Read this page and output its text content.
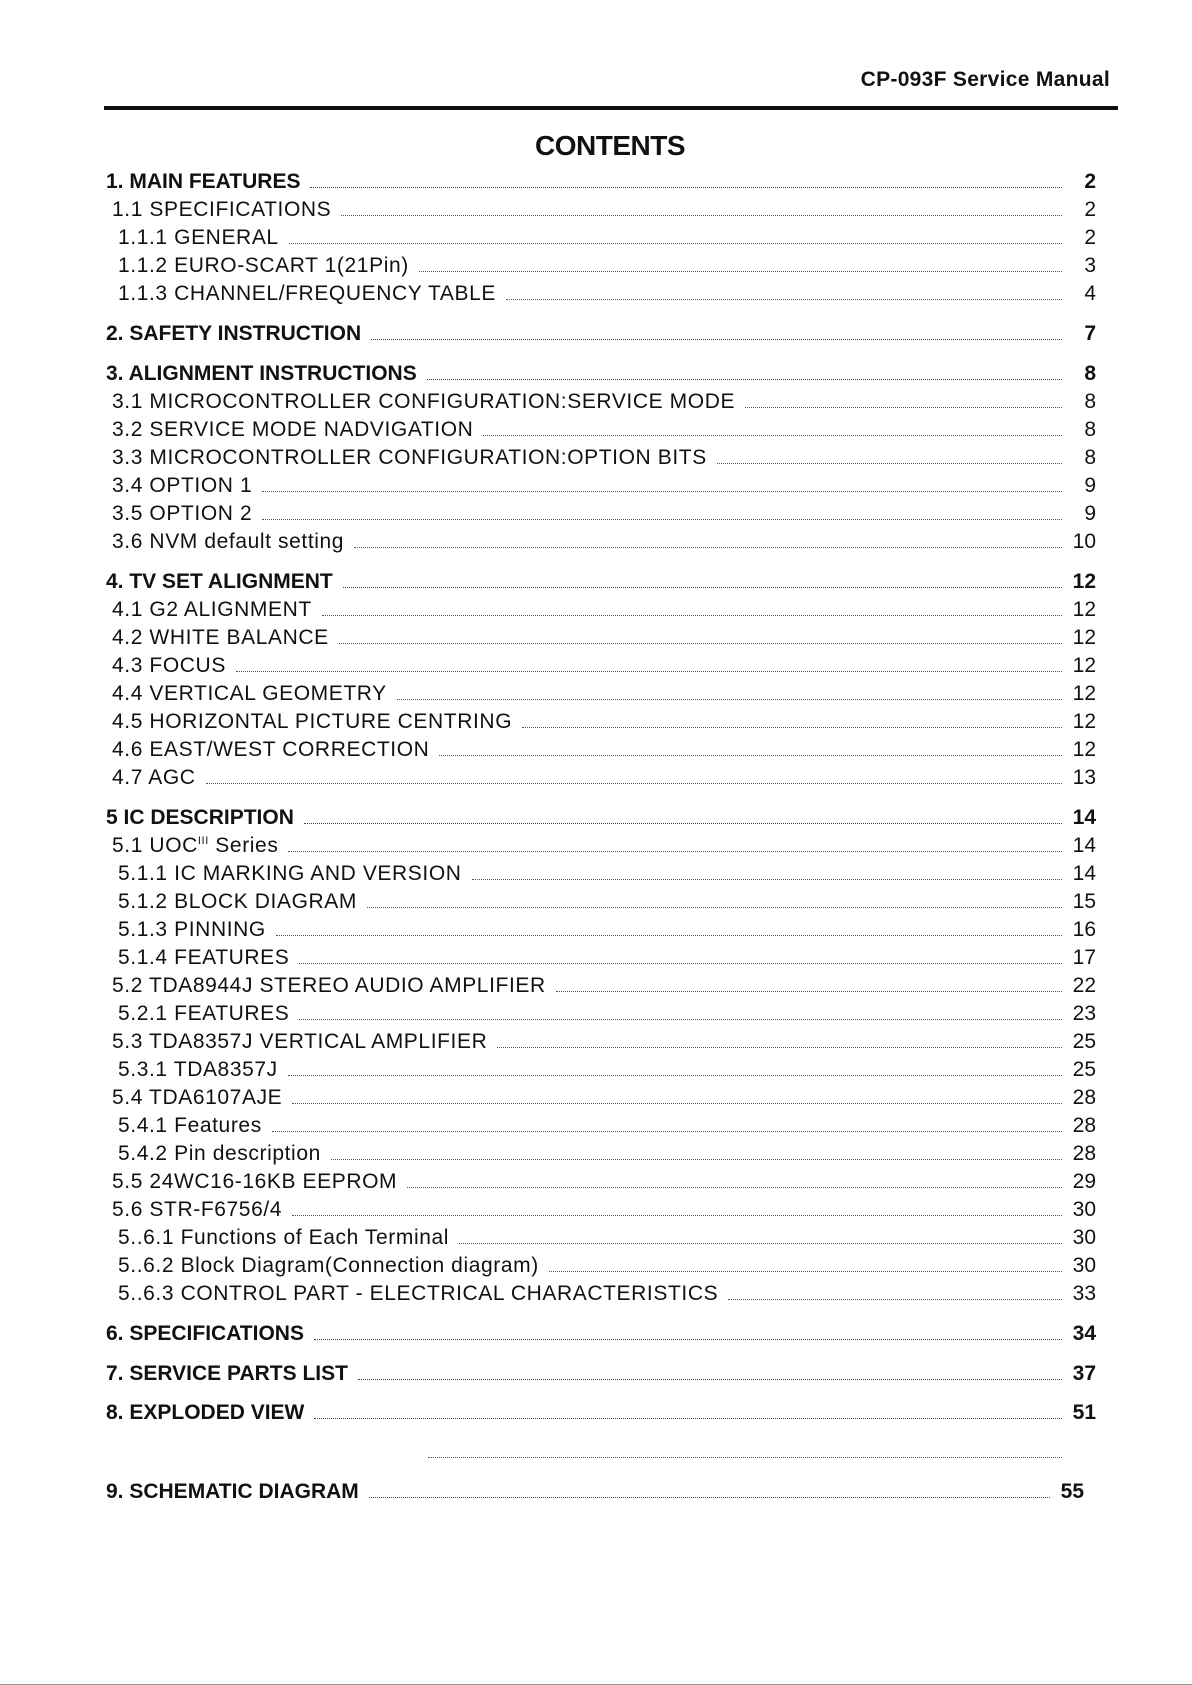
CP-093F Service Manual
CONTENTS
1. MAIN FEATURES	2
1.1 SPECIFICATIONS	2
1.1.1 GENERAL	2
1.1.2 EURO-SCART 1(21Pin)	3
1.1.3 CHANNEL/FREQUENCY TABLE	4
2. SAFETY INSTRUCTION	7
3. ALIGNMENT INSTRUCTIONS	8
3.1 MICROCONTROLLER CONFIGURATION:SERVICE MODE	8
3.2 SERVICE MODE NADVIGATION	8
3.3 MICROCONTROLLER CONFIGURATION:OPTION BITS	8
3.4 OPTION 1	9
3.5 OPTION 2	9
3.6 NVM default setting	10
4. TV SET ALIGNMENT	12
4.1 G2 ALIGNMENT	12
4.2 WHITE BALANCE	12
4.3 FOCUS	12
4.4 VERTICAL GEOMETRY	12
4.5 HORIZONTAL PICTURE CENTRING	12
4.6 EAST/WEST CORRECTION	12
4.7 AGC	13
5 IC DESCRIPTION	14
5.1 $UOC^{III}$ Series	14
5.1.1 IC MARKING AND VERSION	14
5.1.2 BLOCK DIAGRAM	15
5.1.3 PINNING	16
5.1.4 FEATURES	17
5.2 TDA8944J STEREO AUDIO AMPLIFIER	22
5.2.1 FEATURES	23
5.3 TDA8357J VERTICAL AMPLIFIER	25
5.3.1 TDA8357J	25
5.4 TDA6107AJE	28
5.4.1 Features	28
5.4.2 Pin description	28
5.5 24WC16-16KB EEPROM	29
5.6 STR-F6756/4	30
5..6.1 Functions of Each Terminal	30
5..6.2 Block Diagram(Connection diagram)	30
5..6.3 CONTROL PART - ELECTRICAL CHARACTERISTICS	33
6. SPECIFICATIONS	34
7. SERVICE PARTS LIST	37
8. EXPLODED VIEW	51
9. SCHEMATIC DIAGRAM	55
